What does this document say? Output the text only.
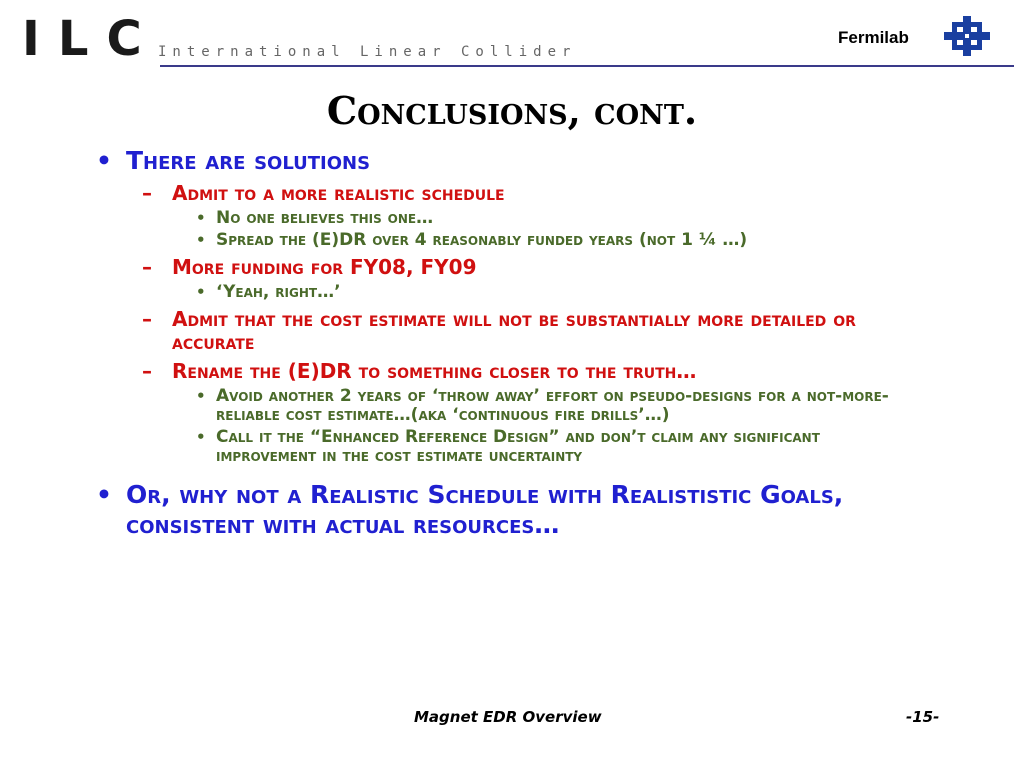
ILC
International Linear Collider
Fermilab
Conclusions, cont.
• There are solutions
– Admit to a more realistic schedule
• No one believes this one…
• Spread the (E)DR over 4 reasonably funded years (not 1 ¼ …)
– More funding for FY08, FY09
• ‘Yeah, right…’
– Admit that the cost estimate will not be substantially more detailed or accurate
– Rename the (E)DR to something closer to the truth…
• Avoid another 2 years of ‘throw away’ effort on pseudo-designs for a not-more-reliable cost estimate…(aka ‘continuous fire drills’…)
• Call it the “Enhanced Reference Design” and don’t claim any significant improvement in the cost estimate uncertainty
• Or, why not a Realistic Schedule with Realististic Goals, consistent with actual resources…
Magnet EDR Overview	-15-
